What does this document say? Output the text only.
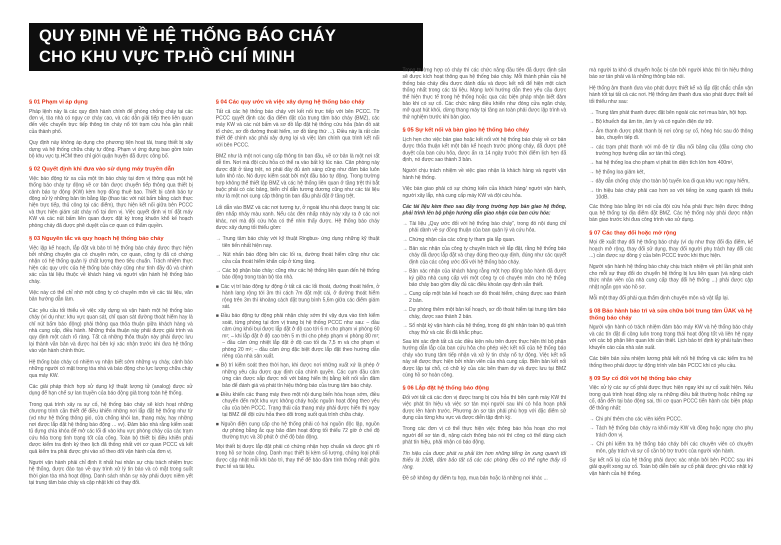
QUY ĐỊNH VỀ HỆ THỐNG BÁO CHÁY
CHO KHU VỰC TP.HỒ CHÍ MINH
§ 01 Phạm vi áp dụng
Pháp lệnh này là các quy định hành chính để phòng chống cháy tại các đơn vị, tòa nhà có nguy cơ cháy cao, và các dẫn giải tiếp theo liên quan đến việc chuyển trực tiếp thông tin cháy nổ tới trạm cứu hỏa gần nhất của thành phố.
Quy định này không áp dụng cho phương tiện hoạt tải, trang thiết bị xây dựng và hệ thống chữa cháy tự động. Phạm vi ứng dụng bao gồm toàn bộ khu vực tp.HCM theo chỉ giới quận huyện đã được công bố.
§ 02 Quyết định khi đưa vào sử dụng máy truyền dẫn
Việc báo động từ xa của một tin báo cháy tại đơn vị thông qua một hệ thống báo cháy tự động về cơ bản được chuyển tiếp thông qua thiết bị cảnh báo tự động (KW) kèm hợp đồng thuê bao. Thiết bị cảnh báo tự động xử lý những bản tin bằng lặp (thao tác với nút bấm bằng cách thực hiện trực tiếp, thủ công tại các điểm), thực hiện kết nối giữa bên PCCC và thực hiện giám sát cháy nổ tại đơn vị. Việc quyết định vị trí đặt máy KW và các nút bấm liên quan được đặt ký trong khuôn khổ kế hoạch phòng cháy đã được phê duyệt của cơ quan có thẩm quyền.
§ 03 Nguyên tắc và quy hoạch hệ thống báo cháy
Việc lập kế hoạch, lắp đặt và bảo trì hệ thống báo cháy được thực hiện bởi những chuyên gia có chuyên môn, cơ quan, công ty đã có chứng nhận có hệ thống quản lý chất lượng theo tiêu chuẩn. Trách nhiệm thực hiện các quy ước của hệ thống báo cháy cũng như tính đầy đủ và chính xác của tài liệu thuộc về khách hàng và người vận hành hệ thống báo cháy.
Việc này có thể chỉ nhờ một công ty có chuyên môn về các tài liệu, văn bản hướng dẫn làm.
Các yêu cầu tối thiểu về việc xây dựng và vận hành một hệ thống báo cháy (ví dụ như: khu vực quan sát, chỉ quan sát đường thoát hiểm hay là chỉ nút bấm báo động) phải thông qua thỏa thuận giữa khách hàng và nhà cung cấp, điều hành. Những thỏa thuận này phải được giải trình và quy định một cách rõ ràng. Tất cả những thỏa thuận này phải được lưu lại thành văn bản và được hai bên ký xác nhận trước khi đưa hệ thống vào vận hành chính thức.
Hệ thống báo cháy có nhiệm vụ nhận biết sớm những vụ cháy, cảnh báo những người có mặt trong tòa nhà và báo động cho lực lượng chữa cháy qua máy KW.
Các giải pháp thích hợp sử dụng kỹ thuật lượng tử (analog) được sử dụng để hạn chế sự lan truyền của báo động giả trong toàn hệ thống.
Trong quá trình xảy ra sự cố, hệ thống báo cháy sẽ kích hoạt những chương trình cần thiết để điều khiển những nơi lắp đặt hệ thống như từ (vd như hệ thống thông gió, cửa chống khói lan, thang máy, hay những nơi được lắp đặt hệ thống báo động ... vv). Đảm bảo nhà rằng kiểm soát tủ đựng chìa khóa để mở các lối đi vào khu vực phòng cháy của các trạm cứu hỏa trong tình trạng tốt của cổng. Toàn bộ thiết bị điều khiển phải được kiểm tra định kỳ theo lịch đã thống nhất với cơ quan PCCC và kết quả kiểm tra phải được ghi vào sổ theo dõi vận hành của đơn vị.
Người vận hành phải chỉ định ít nhất hai nhân sự chịu trách nhiệm trực hệ thống, được đào tạo về quy trình xử lý tin báo và có mặt trong suốt thời gian tòa nhà hoạt động. Danh sách nhân sự này phải được niêm yết tại trung tâm báo cháy và cập nhật khi có thay đổi.
§ 04 Các quy ước và việc xây dựng hệ thống báo cháy
Tất cả các hệ thống báo cháy với kết nối trực tiếp với bên PCCC. Ttr PCCC quyết định các địa điểm đặt của trung tâm báo cháy (BMZ), các máy KW và các nút bấm và sơ đồ lắp đặt hệ thống cứu hỏa (bản đồ sát tổ chức, sơ đồ đường thoát hiểm, sơ đồ tầng thứ ...). Điều này là rất cần thiết để chính xác phải xây dựng lại và việc làm chính qua trình kết nối với bên PCCC.
BMZ như là một nơi cung cấp thông tin ban đầu, về cơ bản là một nơi rất dễ tìm. Nơi mà đội cứu hỏa có thể ra vào bất kỳ lúc nào. Căn phòng này được đặt ở tầng trệt, nó phải đầy đủ ánh sáng cũng như đảm bảo luôn luôn khô ráo. Nó được kiểm soát bởi một đầu báo tự động. Trong trường hợp không thể thiết lập BMZ và các hệ thống liên quan ở tầng trệt thì bắt buộc phải có các bảng, biển chỉ dẫn tương đương cũng như các tài liệu như là một nơi cung cấp thông tin ban đầu phải đặt ở tầng trệt.
Lối dẫn vào BMZ và các nơi tương tự, ở ngoài khu nhà được trang bị các đèn nhấp nháy màu xanh. Nếu các đèn nhấp nháy này xảy ra ở các nơi khác, nơi mà đội cứu hỏa có thể nhìn thấy được. Hệ thống báo cháy được xây dựng tối thiểu gồm:
→ Trung tâm báo cháy với kỹ thuật Ringbus- ứng dụng những kỹ thuật tiên tiến nhất hiện nay.
→ Nút nhấn báo động bên các lối ra, đường thoát hiểm cũng như các cửa của thoát hiểm khẩn cấp ở từng tầng.
→ Các bộ phận báo cháy: cũng như các hệ thống liên quan đến hệ thống báo động trong toàn bộ tòa nhà.
■ Các vị trí báo động tự động ở tất cả các lối thoát, đường thoát hiểm, ở hành lang rộng tới 3m thì cách 7m đặt một cái, ở đường thoát hiểm rộng trên 3m thì khoảng cách đặt trung bình 5,6m giữa các điểm giám sát.
■ Đầu báo động tự động phải nhận cháy sớm thì vậy dựa vào tính kiểm soát, từng phòng tại đơn vị trang bị hệ thống PCCC như sau: – đầu cảm ứng khói bụi được lắp đặt ở độ cao tới 6 m cho phạm vi phòng 60 m²; – khi lắp đặt ở độ cao trên 5 m thì cho phép phạm vi phòng 80 m²; – đầu cảm ứng nhiệt lắp đặt ở độ cao tối đa 7,5 m và cho phạm vi phòng 20 m²; – đầu cảm ứng đặc biệt được lắp đặt theo hướng dẫn riêng của nhà sản xuất.
■ Bộ trì kiểm soát theo thời hạn, khi được nơi những xuất xứ là phép ở những yêu cầu được quy định của chính quyền. Các cụm đầu cảm ứng cần được sắp được nối với bảng hiển thị bằng kết nối vẫn đảm bảo để đánh giá và phát tín hiệu thông báo của trung tâm báo cháy.
■ Điều khiển các thang máy theo một nội dung biến hóa hoạn sớm, điều chuyển đến một khu vực không cháy hoặc nguồn hoạt động theo yêu cầu của bên PCCC. Trạng thái của thang máy phải được hiển thị ngay tại BMZ để đội cứu hỏa theo dõi trong suốt quá trình chữa cháy.
■ Nguồn điện cung cấp cho hệ thống phải có hai nguồn độc lập, nguồn dự phòng bằng ắc quy bảo đảm hoạt động tối thiểu 72 giờ ở chế độ thường trực và 30 phút ở chế độ báo động.
Mọi thiết bị được lắp đặt phải có chứng nhận hợp chuẩn và được ghi rõ trong hồ sơ hoàn công. Danh mục thiết bị kèm số lượng, chủng loại phải được cập nhật mỗi khi bảo trì, thay thế để bảo đảm tính thống nhất giữa thực tế và tài liệu.
Trong trường hợp có cháy thì các chức năng đầu tiên đã được định sẵn sẽ được kích hoạt thông qua hệ thống báo cháy. Mỗi thành phần của hệ thống báo cháy đều được đánh dấu và được kết nối để hiện một cách thống nhất trong các tài liệu. Mạng lưới hướng dẫn theo yêu cầu được thể hiện thực tế trong hệ thống hoặc qua các biện pháp nhận biết đảm bảo khi có sự cố. Các chức năng điều khiển như đóng cửa ngăn cháy, mở quạt hút khói, dừng thang máy tại tầng an toàn phải được lập trình và thử nghiệm trước khi bàn giao.
§ 05 Sự kết nối và bàn giao hệ thống báo cháy
Lịch hẹn cho việc bàn giao hoặc kết nối với hệ thống báo cháy về cơ bản được thỏa thuận kết một bản kế hoạch trước phòng cháy, đã được phê duyệt của ban cứu hỏa, được ấn ra 14 ngày trước thời điểm lịch hẹn đã định, nó được sao thành 3 bản.
Người chịu trách nhiệm về việc giao nhận là khách hàng và người vận hành hệ thống.
Việc bàn giao phải có sự chứng kiến của khách hàng/ người vận hành, người xây lắp, nhà cung cấp máy KW và đội cứu hỏa.
Các tài liệu kèm theo sau đây trong trường hợp bàn giao hệ thống, phải trình lên bộ phận hướng dẫn giao nhận của ban cứu hỏa:
→ Tài liệu „Quy ước đối với hệ thống báo cháy“, trong đó nội dung chỉ phải dành về sự đồng thuận của ban quản lý và cứu hỏa.
→ Chứng nhận của các công ty tham gia lắp quan.
→ Bản xác nhận của công ty chuyên trách về lắp đặt, rằng hệ thống báo cháy đã được lắp đặt và chạy đúng theo quy định, đúng như các quyết định của các công ước đối với hệ thống báo cháy.
→ Bản xác nhận của khách hàng rằng một hợp đồng bảo hành đã được ký giữa nhà cung cấp với một công ty có chuyên môn cho hệ thống báo cháy bao gồm đầy đủ các điều khoản quy định sẵn thiết.
→ Cung cấp một bản kế hoạch sơ đồ thoát hiểm, chúng được sao thành 2 bản.
→ Dự phòng thêm một bản kế hoạch, sơ đồ thoát hiểm tại trung tâm báo cháy, được sao thành 2 bản.
→ Sổ nhật ký vận hành của hệ thống, trong đó ghi nhận toàn bộ quá trình chạy thử và các lỗi đã khắc phục.
Sau khi xác định tất cả các điều kiện nêu trên được thực hiện thì bộ phận hướng dẫn lắp của ban cứu hỏa cho phép việc kết nối của hệ thống báo cháy vào trung tâm tiếp nhận và xử lý tin cháy nổ tự động. Việc kết nối này sẽ được thực hiện bởi nhân viên của nhà cung cấp. Biên bản kết nối được lập tại chỗ, có chữ ký của các bên tham dự và được lưu tại BMZ cùng hồ sơ hoàn công.
§ 06 Lắp đặt hệ thống báo động
Đối với tất cả các đơn vị được trang bị cứu hỏa thì bên cạnh máy KW thì việc phát tín hiệu và việc sơ tán mọi người sau khi có hỏa hoạn phải được lên hành trước. Phương án sơ tán phải phù hợp với đặc điểm sử dụng của từng khu vực và được diễn tập định kỳ.
Trong các đơn vị có thể thực hiện việc thông báo hỏa hoạn cho mọi người để sơ tán đi, nặng cách thông báo nói thì công có thể dùng cách phát tín hiệu, phải nhận có báo động.
Tín hiệu của được phát ra phải lớn hơn những tiếng ồn xung quanh tối thiểu là 10dB, đảm bảo tất cả các các phòng đều có thể nghe thấy rõ ràng.
Đề sở không dự điểm tu họp, mua bán hoặc là những nơi khác ...
mà người ta khó di chuyển hoặc bị cản bởi người khác thì tín hiệu thông báo sơ tán phải và là những thông báo nói.
Hệ thống âm thanh đưa vào phát được thiết kế và lắp đặt chắc chắn vận hành tốt tại tất cả các nơi. Hệ thống âm thanh đưa vào phát được thiết kế tối thiểu như sau:
→ Trung tâm phát thanh được đặt bên ngoài các nơi mua bán, hội họp.
→ Bộ khuếch đại âm tin, âm ly và có nguồn điện dự trữ.
→ Âm thanh được phát thanh bị nơi công sự cố, hỏng hóc sau đó thông báo, chuyển tiếp đi.
→ các trạm phát thanh với mô đè từ đầu nối băng cầu (đầu cứng cho trường hợp hướng dẫn sơ tán thủ công).
→ hai hệ thống loa cho phạm vi phát tin diện tích lớn hơn 400m²,
→ hệ thống loa giảm két,
→ dây dẫn chống cháy cho toàn bộ tuyến loa đi qua khu vực nguy hiểm,
→ tín hiệu báo cháy phải cao hơn so với tiếng ồn xung quanh tối thiểu 10dB.
Các thông báo bằng lời nói của đội cứu hỏa phải thực hiện được thông qua hệ thống tại địa điểm đặt BMZ. Các hệ thống này phải được nhận bàn giao trước khi đưa công trình vào sử dụng.
§ 07 Các thay đổi hoặc mở rộng
Mọi đề xuất thay đổi hệ thống báo cháy (ví dụ như thay đổi địa điểm, kế hoạch mở rộng, thay đổi sử dụng, thay đổi người phụ trách hay đổi các ...) cần được sự đồng ý của bên PCCC trước khi thực hiện.
Người vận hành hệ thống báo cháy chịu trách nhiệm về phí lần phát sinh cho mỗi sự thay đổi do chuyển hệ thống bị lưu liên quan (và nặng cách thức nhân viên của nhà cung cấp thay đổi hệ thống ...) phải được cập nhật ngắn gọn vào hồ sơ.
Mỗi một thay đổi phải qua thẩm định chuyên môn và vật lắp lại.
§ 08 Bảo hành bảo trì và sửa chữa bởi trung tâm ÜAK và hệ thống báo cháy
Người vận hành có trách nhiệm đảm bảo máy KW và hệ thống báo cháy và các tín đặt đi cũng luôn trong trạng thái hoạt động tốt và liên hệ ngay với các bộ phận liên quan khi cần thiết. Lịch bảo trì định kỳ phải tuân theo khuyến cáo của nhà sản xuất.
Các biên bản sửa nhiệm lương phải kết nối hệ thống và các kiểm tra hệ thống theo phải được tự động trình văn bản PCCC khi có yêu cầu.
§ 09 Sự cố đối với hệ thống báo cháy
Việc xử lý các sự cố phải được thực hiện ngay khi sự cố xuất hiện. Nếu trong quá trình hoạt động xảy ra những điều bất thường hoặc những sự cố, dẫn đến tại báo động sai, thì cơ quan PCCC tiến hành các biện pháp để thống nhất:
→ Chi phí thêm cho các viên kiểm PCCC.
→ Tách hệ thống báo cháy ra khỏi máy KW và đồng hoặc ngay cho phụ trách đơn vị.
→ Chi phí kiểm tra hệ thống báo cháy bởi các chuyên viên có chuyên môn, gây trách và sự cố cần bộ trợ trước của người vận hành.
Sự kết nối lại của hệ thống phải được xác nhận bởi bên PCCC sau khi giải quyết xong sự cố. Toàn bộ diễn biến sự cố phải được ghi vào nhật ký vận hành của hệ thống.
